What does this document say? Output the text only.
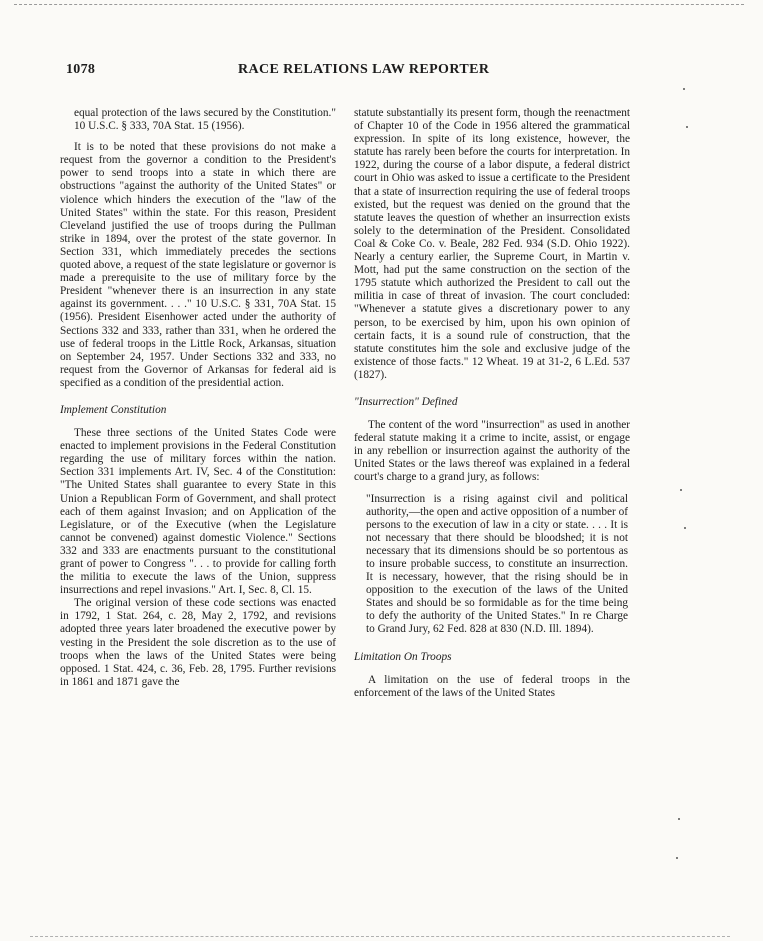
1078	RACE RELATIONS LAW REPORTER

equal protection of the laws secured by the Constitution." 10 U.S.C. § 333, 70A Stat. 15 (1956).

It is to be noted that these provisions do not make a request from the governor a condition to the President's power to send troops into a state in which there are obstructions "against the authority of the United States" or violence which hinders the execution of the "law of the United States" within the state. For this reason, President Cleveland justified the use of troops during the Pullman strike in 1894, over the protest of the state governor. In Section 331, which immediately precedes the sections quoted above, a request of the state legislature or governor is made a prerequisite to the use of military force by the President "whenever there is an insurrection in any state against its government. . . ." 10 U.S.C. § 331, 70A Stat. 15 (1956). President Eisenhower acted under the authority of Sections 332 and 333, rather than 331, when he ordered the use of federal troops in the Little Rock, Arkansas, situation on September 24, 1957. Under Sections 332 and 333, no request from the Governor of Arkansas for federal aid is specified as a condition of the presidential action.

Implement Constitution

These three sections of the United States Code were enacted to implement provisions in the Federal Constitution regarding the use of military forces within the nation. Section 331 implements Art. IV, Sec. 4 of the Constitution: "The United States shall guarantee to every State in this Union a Republican Form of Government, and shall protect each of them against Invasion; and on Application of the Legislature, or of the Executive (when the Legislature cannot be convened) against domestic Violence." Sections 332 and 333 are enactments pursuant to the constitutional grant of power to Congress ". . . to provide for calling forth the militia to execute the laws of the Union, suppress insurrections and repel invasions." Art. I, Sec. 8, Cl. 15.

The original version of these code sections was enacted in 1792, 1 Stat. 264, c. 28, May 2, 1792, and revisions adopted three years later broadened the executive power by vesting in the President the sole discretion as to the use of troops when the laws of the United States were being opposed. 1 Stat. 424, c. 36, Feb. 28, 1795. Further revisions in 1861 and 1871 gave the

statute substantially its present form, though the reenactment of Chapter 10 of the Code in 1956 altered the grammatical expression. In spite of its long existence, however, the statute has rarely been before the courts for interpretation. In 1922, during the course of a labor dispute, a federal district court in Ohio was asked to issue a certificate to the President that a state of insurrection requiring the use of federal troops existed, but the request was denied on the ground that the statute leaves the question of whether an insurrection exists solely to the determination of the President. Consolidated Coal & Coke Co. v. Beale, 282 Fed. 934 (S.D. Ohio 1922). Nearly a century earlier, the Supreme Court, in Martin v. Mott, had put the same construction on the section of the 1795 statute which authorized the President to call out the militia in case of threat of invasion. The court concluded: "Whenever a statute gives a discretionary power to any person, to be exercised by him, upon his own opinion of certain facts, it is a sound rule of construction, that the statute constitutes him the sole and exclusive judge of the existence of those facts." 12 Wheat. 19 at 31-2, 6 L.Ed. 537 (1827).

"Insurrection" Defined

The content of the word "insurrection" as used in another federal statute making it a crime to incite, assist, or engage in any rebellion or insurrection against the authority of the United States or the laws thereof was explained in a federal court's charge to a grand jury, as follows:

"Insurrection is a rising against civil and political authority,—the open and active opposition of a number of persons to the execution of law in a city or state. . . . It is not necessary that there should be bloodshed; it is not necessary that its dimensions should be so portentous as to insure probable success, to constitute an insurrection. It is necessary, however, that the rising should be in opposition to the execution of the laws of the United States and should be so formidable as for the time being to defy the authority of the United States." In re Charge to Grand Jury, 62 Fed. 828 at 830 (N.D. Ill. 1894).
Limitation On Troops

A limitation on the use of federal troops in the enforcement of the laws of the United States
